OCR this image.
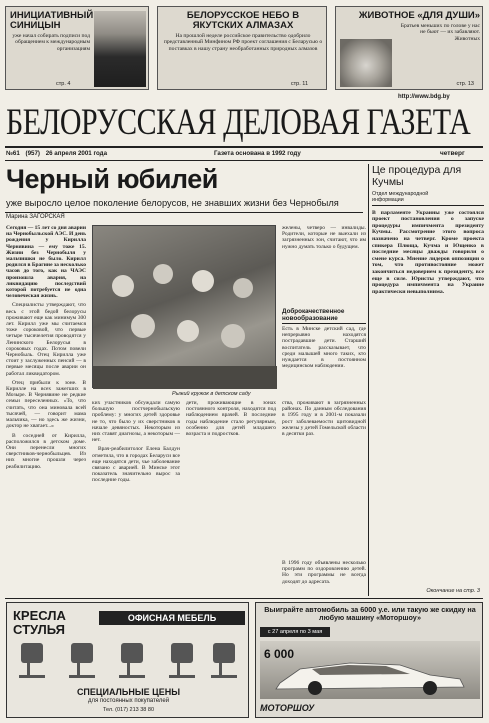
ИНИЦИАТИВНЫЙ СИНИЦЫН
уже начал собирать подписи под обращением к международным организациям
стр. 4
БЕЛОРУССКОЕ НЕБО В ЯКУТСКИХ АЛМАЗАХ
На прошлой неделе российское правительство одобрило представленный Минфином РФ проект соглашения с Беларусью о поставках в нашу страну необработанных природных алмазов
стр. 11
ЖИВОТНОЕ «ДЛЯ ДУШИ»
Братьев меньших по голове у нас не бьют — их забавляют. Животных
стр. 13
http://www.bdg.by
БЕЛОРУССКАЯ ДЕЛОВАЯ ГАЗЕТА
№61 (957) 26 апреля 2001 года	Газета основана в 1992 году	четверг
Черный юбилей
уже выросло целое поколение белорусов, не знавших жизни без Чернобыля
Марина ЗАГОРСКАЯ

Сегодня — 15 лет со дня аварии на Чернобыльской АЭС. И день рождения у Кирилла Чернявина — ему тоже 15. Жизни без Чернобыля у мальчишки не было. Кирилл родился в Брагине за несколько часов до того, как на ЧАЭС произошла авария, на ликвидацию последствий которой потребуется не одна человеческая жизнь.

Специалисты утверждают, что весь с этой бедой белорусы проживают еще как минимум 300 лет. Кирилл уже мы считаемся тоже сороковой, что первые четыре тысячелетия проводятся у Ленинского Белорусья в сороковых годах. Потом повели Чернобыль. Отец Кирилла уже стоит у заслуженных пенсий — в первые месяцы после аварии он работал ликвидатором.

Отец прибыли к зоне. В Кирилле на всех зажегших в Мозыре. В Чернявине не редкие семьи переселенных. «То, что считать, что она миновала всей тысячей, — говорит мама мальчика, — но здесь же жизни, доктор не хватает...»

В соседней от Кирилла, расположился в детском доме. Они перенесли многих сверстников-чернобыльцев. Из них многие прошли через реабилитацию.

Рыжий кружок в детском саду

ких участников обсуждали самую большую постчернобыльскую проблему: у многих детей здоровье не то, что было у их сверстников в начале девяностых. Некоторым из них ставят диагнозы, а некоторым — нет.

Врач-реабилитолог Елена Балдун отметила, что в городах Беларуси все еще находятся дети, чье заболевание связано с аварией. В Минске этот показатель значительно вырос за последние годы.

дети, проживающие в зонах постоянного контроля, находятся под наблюдением врачей. В последние годы наблюдение стало регулярным, особенно для детей младшего возраста и подростков.

ства, проживают в загрязненных районах. По данным обследования в 1995 году и в 2001-м показали рост заболеваемости щитовидной железы у детей Гомельской области в десятки раз.

желены, четверо — инвалиды. Родители, которые не выехали из загрязненных зон, считают, что им нужно думать только о будущем.

Доброкачественное новообразование
Есть в Минске детский сад, где непрерывно находятся пострадавшие дети. Старший воспитатель рассказывает, что среди малышей много таких, кто нуждается в постоянном медицинском наблюдении.

В 1996 году объявлены несколько программ по оздоровлению детей. Но эти программы не всегда доходят до адресата.

Це процедура для Кучмы
Отдел международной информации
В парламенте Украины уже состоялся проект постановления о запуске процедуры импичмента президенту Кучмы. Рассмотрение этого вопроса назначено на четверг. Кроме проекта спикера Плюща, Кучма и Ющенко в последние месяцы дважды говорили о смене курса. Мнение лидеров оппозиции о том, что противостояние может закончиться недоверием к президенту, все еще в силе. Юристы утверждают, что процедура импичмента на Украине практически невыполнима.
Окончание на стр. 3
КРЕСЛА СТУЛЬЯ
ОФИСНАЯ МЕБЕЛЬ
СПЕЦИАЛЬНЫЕ ЦЕНЫ
для постоянных покупателей
Тел. (017) 213 38 80
Выиграйте автомобиль за 6000 у.е. или такую же скидку на любую машину «Моторшоу»
с 27 апреля по 3 мая
6 000
МОТОРШОУ
